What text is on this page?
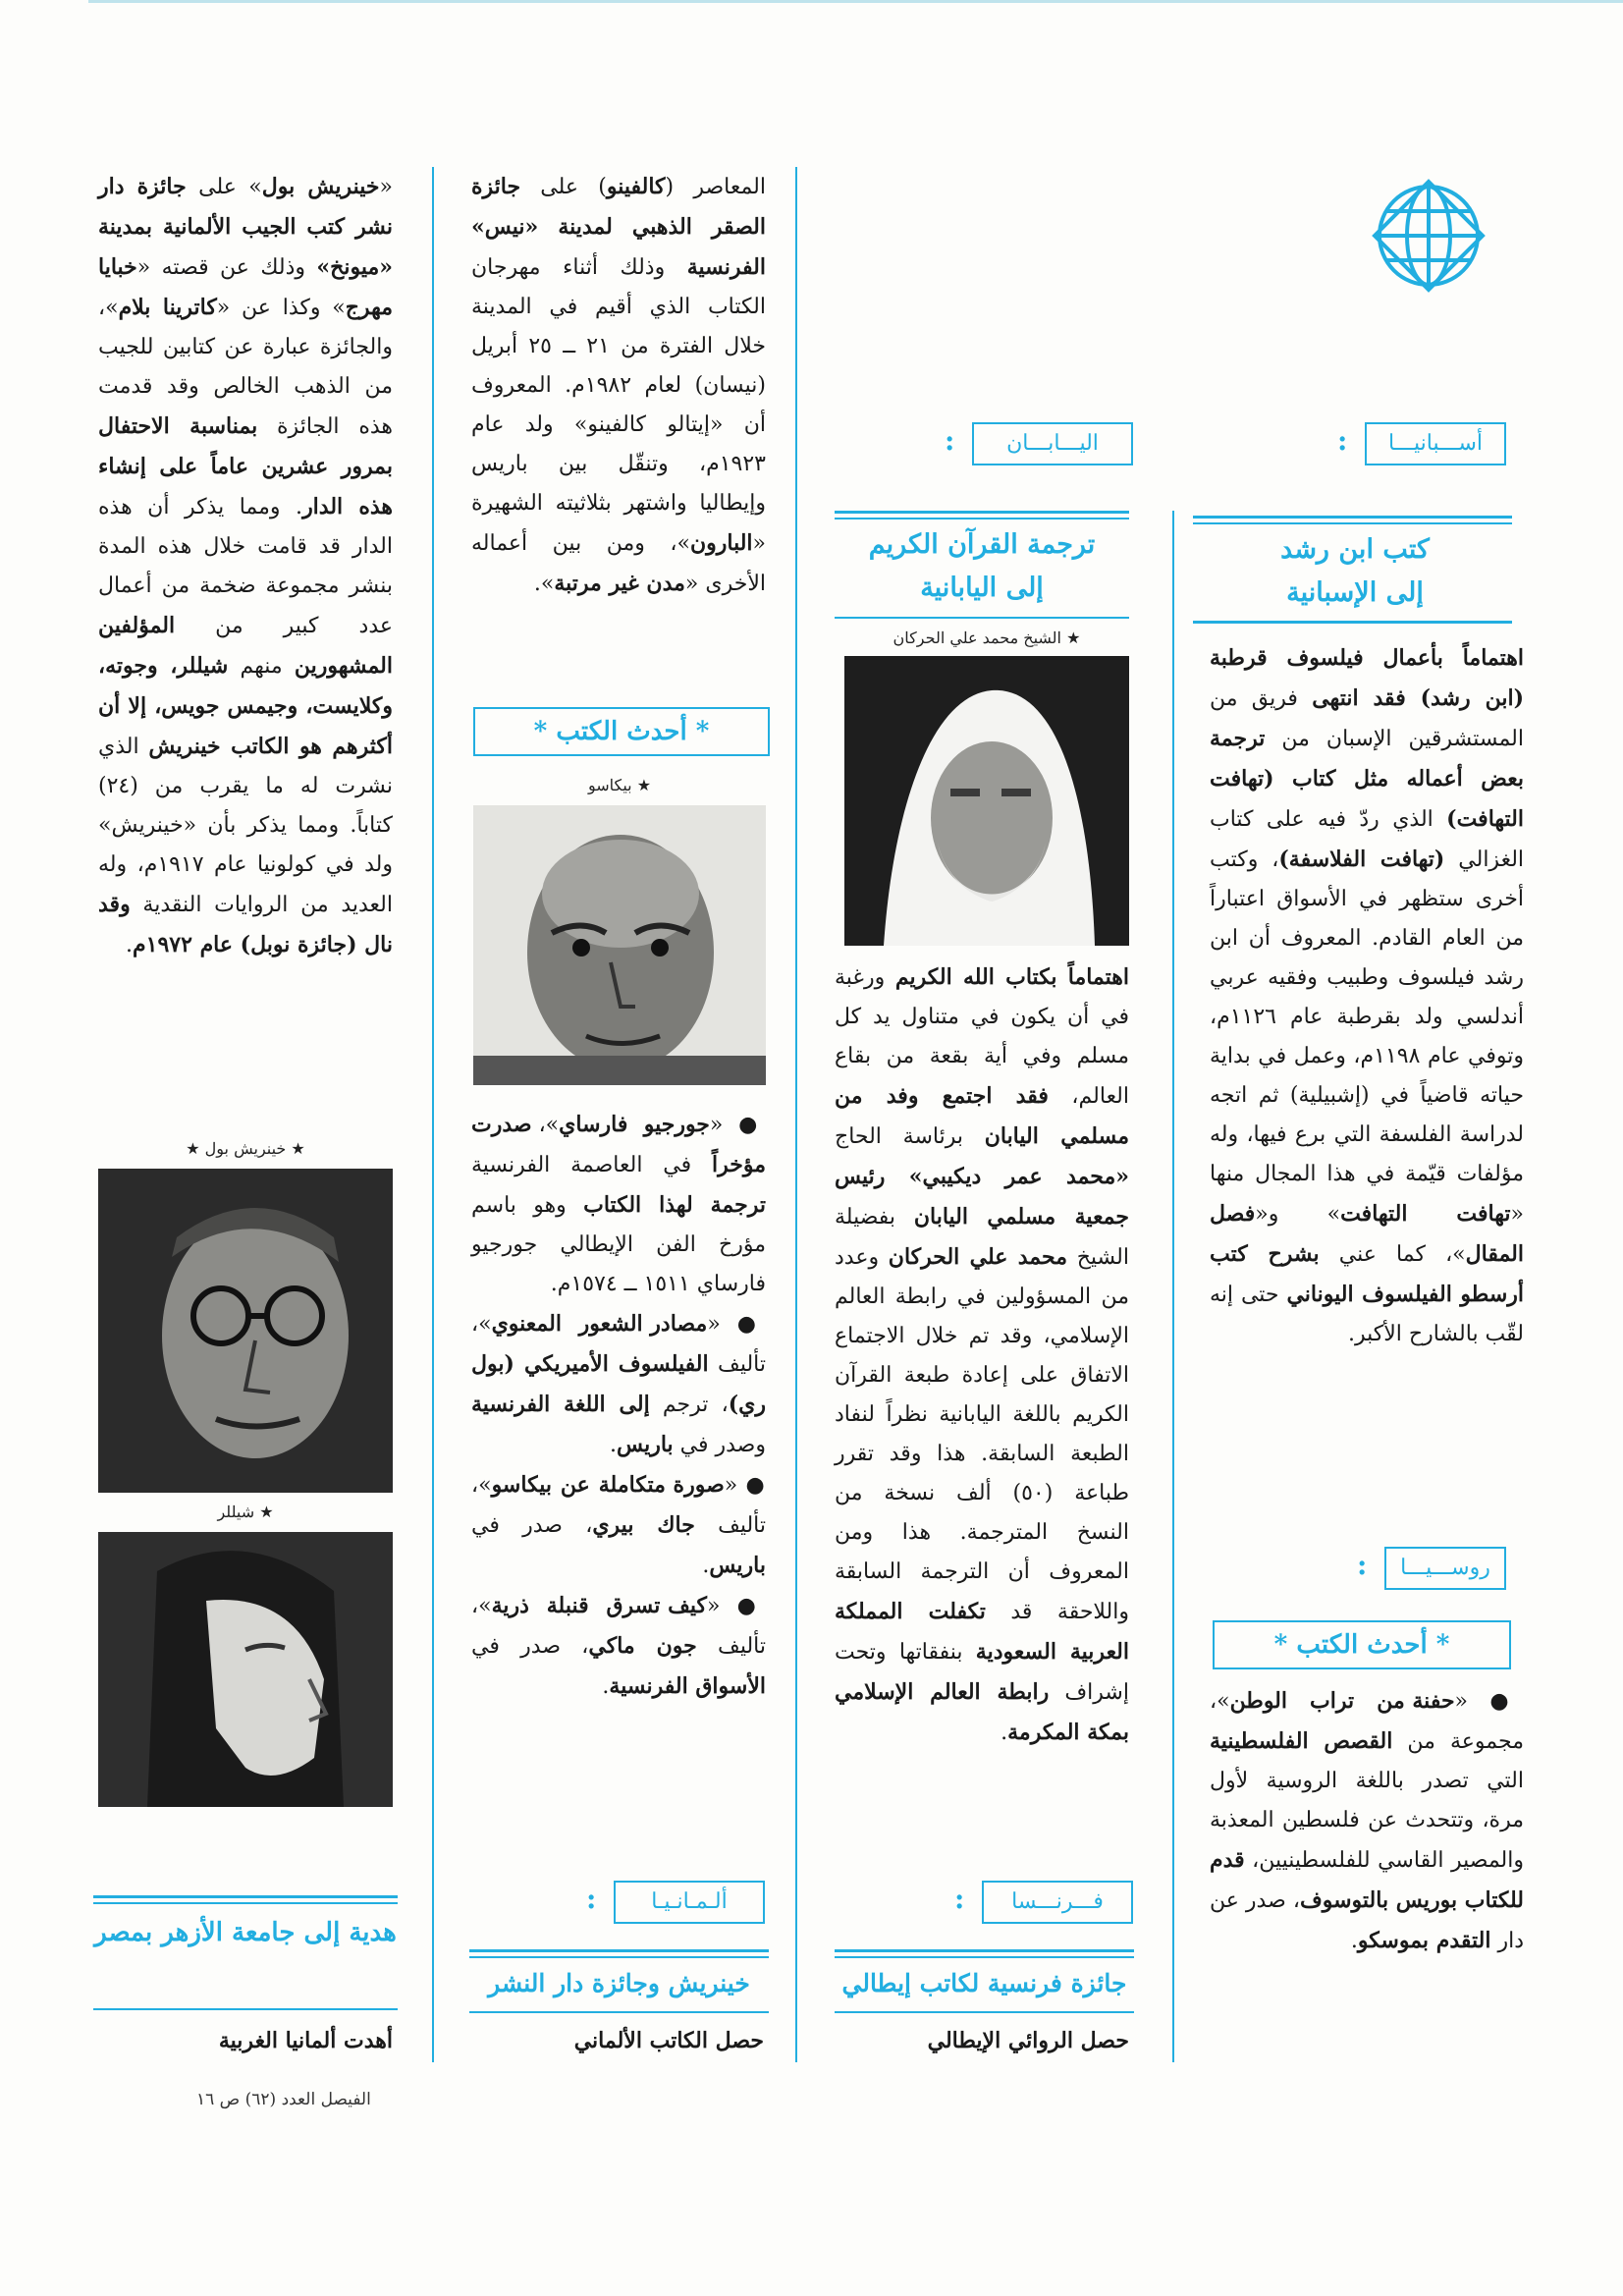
أســـبانيـــا
:
كتب ابن رشد
إلى الإسبانية

اهتماماً بأعمال فيلسوف قرطبة (ابن رشد) فقد انتهى فريق من المستشرقين الإسبان من ترجمة بعض أعماله مثل كتاب (تهافت التهافت) الذي ردّ فيه على كتاب الغزالي (تهافت الفلاسفة)، وكتب أخرى ستظهر في الأسواق اعتباراً من العام القادم. المعروف أن ابن رشد فيلسوف وطبيب وفقيه عربي أندلسي ولد بقرطبة عام ١١٢٦م، وتوفي عام ١١٩٨م، وعمل في بداية حياته قاضياً في (إشبيلية) ثم اتجه لدراسة الفلسفة التي برع فيها، وله مؤلفات قيّمة في هذا المجال منها «تهافت التهافت» و«فصل المقال»، كما عني بشرح كتب أرسطو الفيلسوف اليوناني حتى إنه لقّب بالشارح الأكبر.

روســـيـــا
:
* أحدث الكتب *

● «حفنة من تراب الوطن»، مجموعة من القصص الفلسطينية التي تصدر باللغة الروسية لأول مرة، وتتحدث عن فلسطين المعذبة والمصير القاسي للفلسطينيين، قدم للكتاب بوريس بالتوسوف، صدر عن دار التقدم بموسكو.

اليـــابـــان
:
ترجمة القرآن الكريم
إلى اليابانية
★ الشيخ محمد علي الحركان

اهتماماً بكتاب الله الكريم ورغبة في أن يكون في متناول يد كل مسلم وفي أية بقعة من بقاع العالم، فقد اجتمع وفد من مسلمي اليابان برئاسة الحاج «محمد عمر ديكيبي» رئيس جمعية مسلمي اليابان بفضيلة الشيخ محمد علي الحركان وعدد من المسؤولين في رابطة العالم الإسلامي، وقد تم خلال الاجتماع الاتفاق على إعادة طبعة القرآن الكريم باللغة اليابانية نظراً لنفاد الطبعة السابقة. هذا وقد تقرر طباعة (٥٠) ألف نسخة من النسخ المترجمة. هذا ومن المعروف أن الترجمة السابقة واللاحقة قد تكفلت المملكة العربية السعودية بنفقاتها وتحت إشراف رابطة العالم الإسلامي بمكة المكرمة.

فـــرنـــسا
:
جائزة فرنسية لكاتب إيطالي

حصل الروائي الإيطالي

المعاصر (كالفينو) على جائزة الصقر الذهبي لمدينة «نيس» الفرنسية وذلك أثناء مهرجان الكتاب الذي أقيم في المدينة خلال الفترة من ٢١ ــ ٢٥ أبريل (نيسان) لعام ١٩٨٢م. المعروف أن «إيتالو كالفينو» ولد عام ١٩٢٣م، وتنقّل بين باريس وإيطاليا واشتهر بثلاثيته الشهيرة «البارون»، ومن بين أعماله الأخرى «مدن غير مرتبة».

* أحدث الكتب *
★ بيكاسو

● «جورجيو فارساي»، صدرت مؤخراً في العاصمة الفرنسية ترجمة لهذا الكتاب وهو باسم مؤرخ الفن الإيطالي جورجيو فارساي ١٥١١ ــ ١٥٧٤م.
● «مصادر الشعور المعنوي»، تأليف الفيلسوف الأميريكي (بول ري)، ترجم إلى اللغة الفرنسية وصدر في باريس.
● «صورة متكاملة عن بيكاسو»، تأليف جاك بيري، صدر في باريس.
● «كيف تسرق قنبلة ذرية»، تأليف جون ماكي، صدر في الأسواق الفرنسية.

ألـمـانـيـا
:
خينريش وجائزة دار النشر

حصل الكاتب الألماني

«خينريش بول» على جائزة دار نشر كتب الجيب الألمانية بمدينة «ميونخ» وذلك عن قصته «خبايا مهرج» وكذا عن «كاترينا بلام»، والجائزة عبارة عن كتابين للجيب من الذهب الخالص وقد قدمت هذه الجائزة بمناسبة الاحتفال بمرور عشرين عاماً على إنشاء هذه الدار. ومما يذكر أن هذه الدار قد قامت خلال هذه المدة بنشر مجموعة ضخمة من أعمال عدد كبير من المؤلفين المشهورين منهم شيللر، وجوته، وكلايست، وجيمس جويس، إلا أن أكثرهم هو الكاتب خينريش الذي نشرت له ما يقرب من (٢٤) كتاباً. ومما يذكر بأن «خينريش» ولد في كولونيا عام ١٩١٧م، وله العديد من الروايات النقدية وقد نال (جائزة نوبل) عام ١٩٧٢م.

★ خينريش بول ★
★ شيللر
هدية إلى جامعة الأزهر بمصر

أهدت ألمانيا الغربية

الفيصل العدد (٦٢) ص ١٦
